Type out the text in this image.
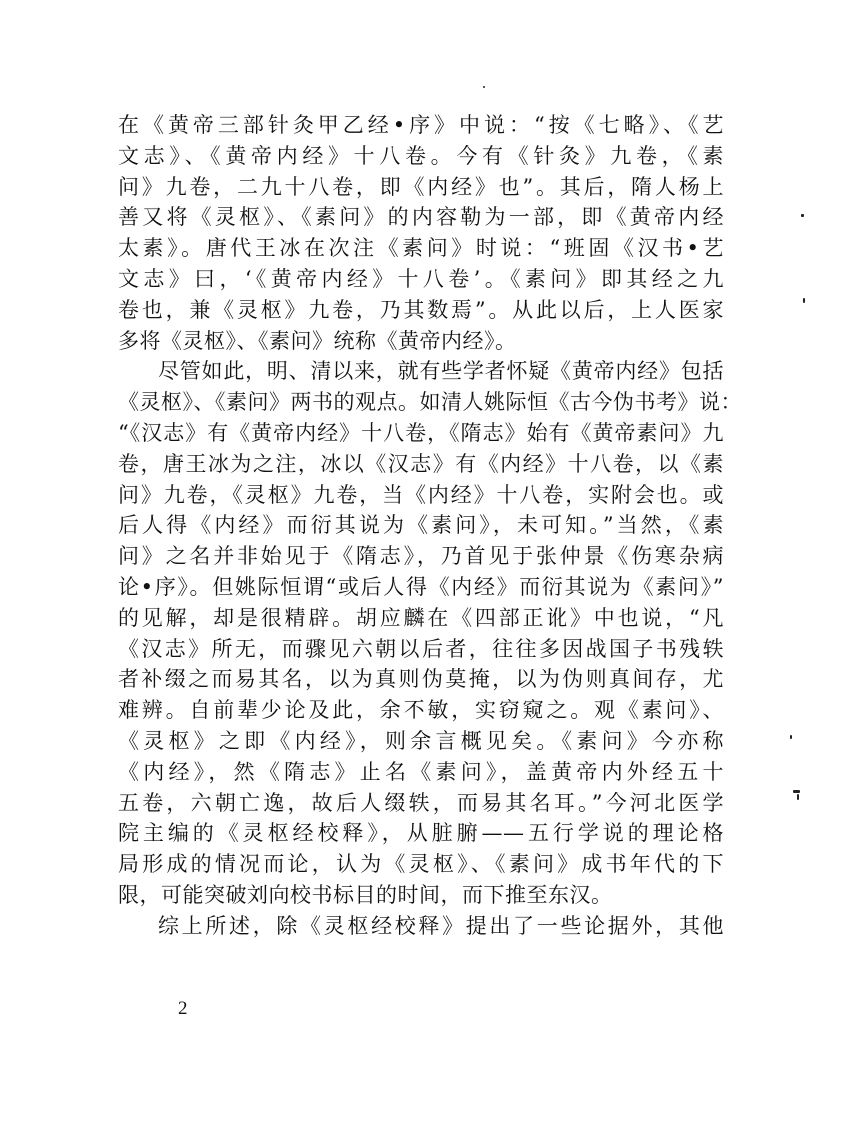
在《黄帝三部针灸甲乙经•序》中说：“按《七略》、《艺
文志》、《黄帝内经》十八卷。今有《针灸》九卷，《素
问》九卷，二九十八卷，即《内经》也”。其后，隋人杨上
善又将《灵枢》、《素问》的内容勒为一部，即《黄帝内经
太素》。唐代王冰在次注《素问》时说：“班固《汉书•艺
文志》曰，‘《黄帝内经》十八卷’。《素问》即其经之九
卷也，兼《灵枢》九卷，乃其数焉”。从此以后，上人医家
多将《灵枢》、《素问》统称《黄帝内经》。
尽管如此，明、清以来，就有些学者怀疑《黄帝内经》包括
《灵枢》、《素问》两书的观点。如清人姚际恒《古今伪书考》说：
“《汉志》有《黄帝内经》十八卷，《隋志》始有《黄帝素问》九
卷，唐王冰为之注，冰以《汉志》有《内经》十八卷，以《素
问》九卷，《灵枢》九卷，当《内经》十八卷，实附会也。或
后人得《内经》而衍其说为《素问》，未可知。”当然，《素
问》之名并非始见于《隋志》，乃首见于张仲景《伤寒杂病
论•序》。但姚际恒谓“或后人得《内经》而衍其说为《素问》”
的见解，却是很精辟。胡应麟在《四部正讹》中也说，“凡
《汉志》所无，而骤见六朝以后者，往往多因战国子书残轶
者补缀之而易其名，以为真则伪莫掩，以为伪则真间存，尤
难辨。自前辈少论及此，余不敏，实窃窥之。观《素问》、
《灵枢》之即《内经》，则余言概见矣。《素问》今亦称
《内经》，然《隋志》止名《素问》，盖黄帝内外经五十
五卷，六朝亡逸，故后人缀轶，而易其名耳。”今河北医学
院主编的《灵枢经校释》，从脏腑——五行学说的理论格
局形成的情况而论，认为《灵枢》、《素问》成书年代的下
限，可能突破刘向校书标目的时间，而下推至东汉。
综上所述，除《灵枢经校释》提出了一些论据外，其他
2
